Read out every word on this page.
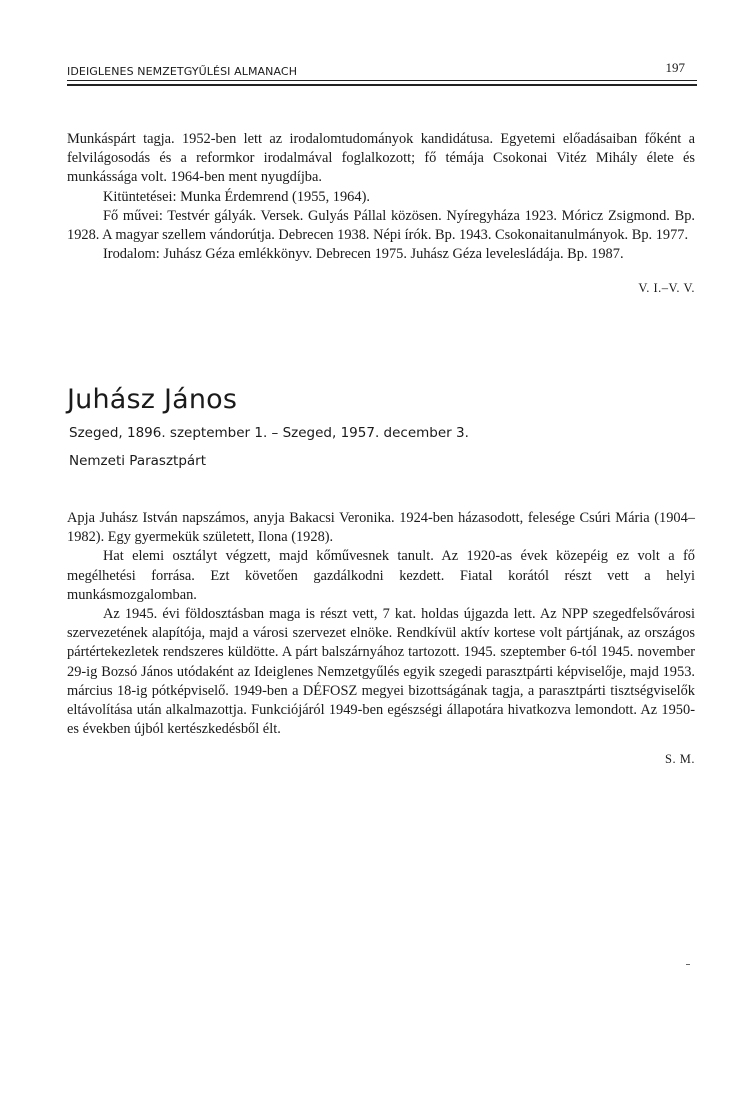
IDEIGLENES NEMZETGYŰLÉSI ALMANACH	197

Munkáspárt tagja. 1952-ben lett az irodalomtudományok kandidátusa. Egyetemi előadásaiban főként a felvilágosodás és a reformkor irodalmával foglalkozott; fő témája Csokonai Vitéz Mihály élete és munkássága volt. 1964-ben ment nyugdíjba.

Kitüntetései: Munka Érdemrend (1955, 1964).

Fő művei: Testvér gályák. Versek. Gulyás Pállal közösen. Nyíregyháza 1923. Móricz Zsigmond. Bp. 1928. A magyar szellem vándorútja. Debrecen 1938. Népi írók. Bp. 1943. Csokonaitanulmányok. Bp. 1977.

Irodalom: Juhász Géza emlékkönyv. Debrecen 1975. Juhász Géza levelesládája. Bp. 1987.

V. I.–V. V.
Juhász János
Szeged, 1896. szeptember 1. – Szeged, 1957. december 3.
Nemzeti Parasztpárt

Apja Juhász István napszámos, anyja Bakacsi Veronika. 1924-ben házasodott, felesége Csúri Mária (1904–1982). Egy gyermekük született, Ilona (1928).

Hat elemi osztályt végzett, majd kőművesnek tanult. Az 1920-as évek közepéig ez volt a fő megélhetési forrása. Ezt követően gazdálkodni kezdett. Fiatal korától részt vett a helyi munkásmozgalomban.

Az 1945. évi földosztásban maga is részt vett, 7 kat. holdas újgazda lett. Az NPP szegedfelsővárosi szervezetének alapítója, majd a városi szervezet elnöke. Rendkívül aktív kortese volt pártjának, az országos pártértekezletek rendszeres küldötte. A párt balszárnyához tartozott. 1945. szeptember 6-tól 1945. november 29-ig Bozsó János utódaként az Ideiglenes Nemzetgyűlés egyik szegedi parasztpárti képviselője, majd 1953. március 18-ig pótképviselő. 1949-ben a DÉFOSZ megyei bizottságának tagja, a parasztpárti tisztségviselők eltávolítása után alkalmazottja. Funkciójáról 1949-ben egészségi állapotára hivatkozva lemondott. Az 1950-es években újból kertészkedésből élt.

S. M.
